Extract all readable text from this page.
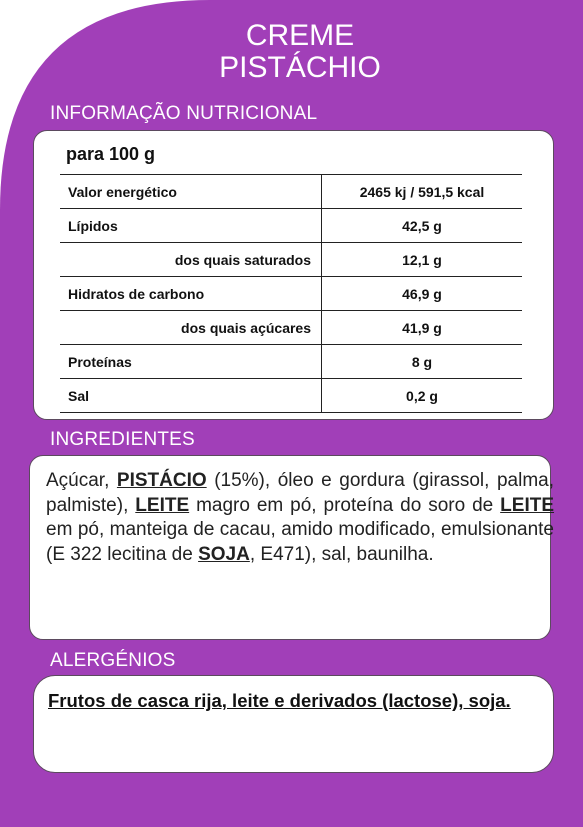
CREME
PISTÁCHIO
INFORMAÇÃO NUTRICIONAL
para 100 g
Valor energético	2465 kj / 591,5 kcal
Lípidos	42,5 g
dos quais saturados	12,1 g
Hidratos de carbono	46,9 g
dos quais açúcares	41,9 g
Proteínas	8 g
Sal	0,2 g
INGREDIENTES
Açúcar, PISTÁCIO (15%), óleo e gordura (girassol, palma, palmiste), LEITE magro em pó, proteína do soro de LEITE em pó, manteiga de cacau, amido modificado, emulsionante (E 322 lecitina de SOJA, E471), sal, baunilha.
ALERGÉNIOS
Frutos de casca rija, leite e derivados (lactose), soja.
